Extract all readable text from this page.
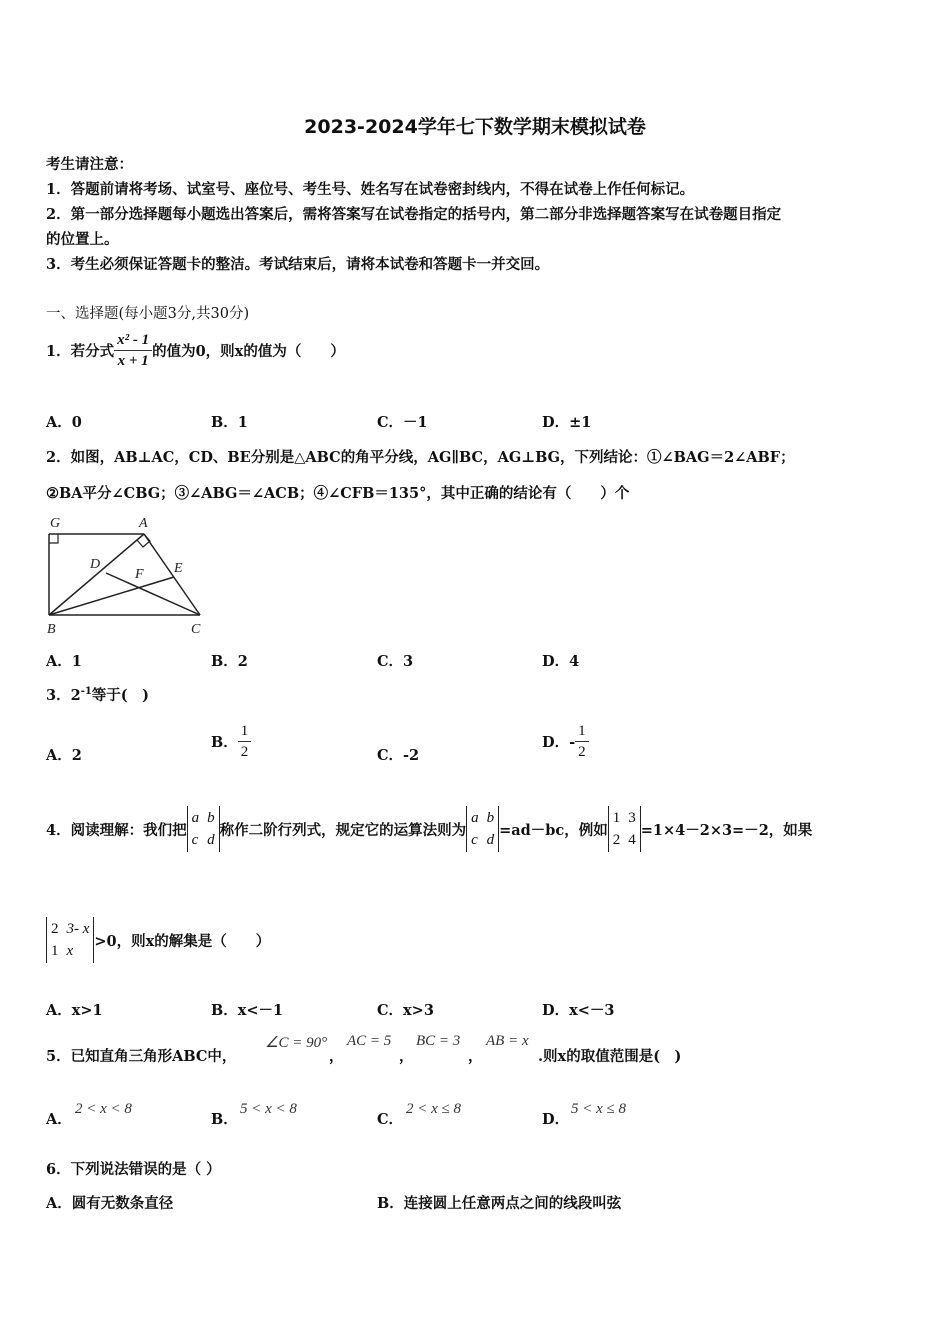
2023-2024学年七下数学期末模拟试卷
考生请注意：
1．答题前请将考场、试室号、座位号、考生号、姓名写在试卷密封线内，不得在试卷上作任何标记。
2．第一部分选择题每小题选出答案后，需将答案写在试卷指定的括号内，第二部分非选择题答案写在试卷题目指定
的位置上。
3．考生必须保证答题卡的整洁。考试结束后，请将本试卷和答题卡一并交回。
一、选择题(每小题3分,共30分)
1．若分式 $\frac{\text{x² - 1}}{x + 1}$ 的值为0，则x的值为（　　）
A．0	B．1	C．－1	D．±1
2．如图，AB⊥AC，CD、BE分别是△ABC的角平分线，AG∥BC，AG⊥BG，下列结论：①∠BAG＝2∠ABF；
②BA平分∠CBG；③∠ABG＝∠ACB；④∠CFB＝135°，其中正确的结论有（　　）个
G	A
D
F E
B	C
A．1	B．2	C．3	D．4
3．$2^{-1}$等于(　)
A．2
B． $\frac{1}{2}$	C．-2
D．- $\frac{1}{2}$
4．阅读理解：我们把
a b
c d
称作二阶行列式，规定它的运算法则为
a b
c d
=ad－bc，例如
1 3
2 4
=1×4－2×3=－2，如果
2 3- x
1 x
>0，则x的解集是（　　）
A．x>1	B．x<－1	C．x>3	D．x<－3
5．已知直角三角形ABC中，
∠C = 90°
，
AC = 5
，
BC = 3
，
AB = x
.则x的取值范围是(　)
A．
2 < x < 8
B．
5 < x < 8
C．
2 < x ≤ 8
D．
5 < x ≤ 8
6．下列说法错误的是（ ）
A．圆有无数条直径	B．连接圆上任意两点之间的线段叫弦
